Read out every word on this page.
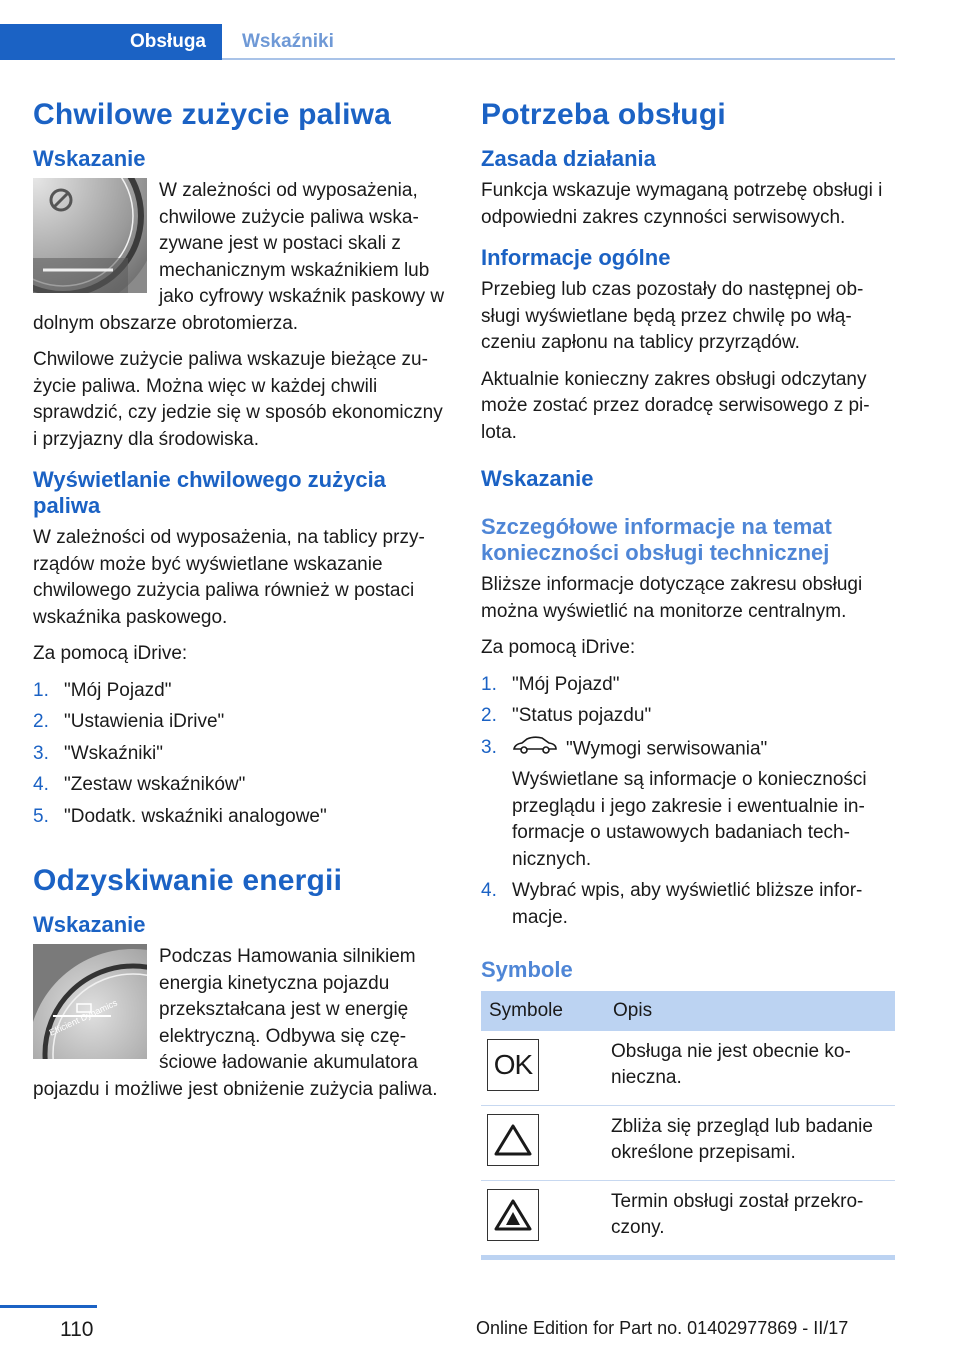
Obsługa	Wskaźniki
Chwilowe zużycie paliwa
Wskazanie

W zależności od wyposażenia, chwilowe zużycie paliwa wskazywane jest w postaci skali z mechanicznym wskaźnikiem lub jako cyfrowy wskaźnik paskowy w dolnym obszarze obrotomierza.

Chwilowe zużycie paliwa wskazuje bieżące zużycie paliwa. Można więc w każdej chwili sprawdzić, czy jedzie się w sposób ekonomiczny i przyjazny dla środowiska.

Wyświetlanie chwilowego zużycia paliwa

W zależności od wyposażenia, na tablicy przyrządów może być wyświetlane wskazanie chwilowego zużycia paliwa również w postaci wskaźnika paskowego.

Za pomocą iDrive:

1. "Mój Pojazd"
2. "Ustawienia iDrive"
3. "Wskaźniki"
4. "Zestaw wskaźników"
5. "Dodatk. wskaźniki analogowe"
Odzyskiwanie energii
Wskazanie
Efficient Dynamics

Podczas Hamowania silnikiem energia kinetyczna pojazdu przekształcana jest w energię elektryczną. Odbywa się częściowe ładowanie akumulatora pojazdu i możliwe jest obniżenie zużycia paliwa.

Potrzeba obsługi
Zasada działania

Funkcja wskazuje wymaganą potrzebę obsługi i odpowiedni zakres czynności serwisowych.

Informacje ogólne

Przebieg lub czas pozostały do następnej obsługi wyświetlane będą przez chwilę po włączeniu zapłonu na tablicy przyrządów.

Aktualnie konieczny zakres obsługi odczytany może zostać przez doradcę serwisowego z pilota.

Wskazanie
Szczegółowe informacje na temat konieczności obsługi technicznej

Bliższe informacje dotyczące zakresu obsługi można wyświetlić na monitorze centralnym.

Za pomocą iDrive:

1. "Mój Pojazd"
2. "Status pojazdu"
3.	"Wymogi serwisowania"
Wyświetlane są informacje o konieczności przeglądu i jego zakresie i ewentualnie informacje o ustawowych badaniach technicznych.
4. Wybrać wpis, aby wyświetlić bliższe informacje.
Symbole
Symbole	Opis

OK	Obsługa nie jest obecnie konieczna.

	Zbliża się przegląd lub badanie określone przepisami.

	Termin obsługi został przekroczony.
110	Online Edition for Part no. 01402977869 - II/17
